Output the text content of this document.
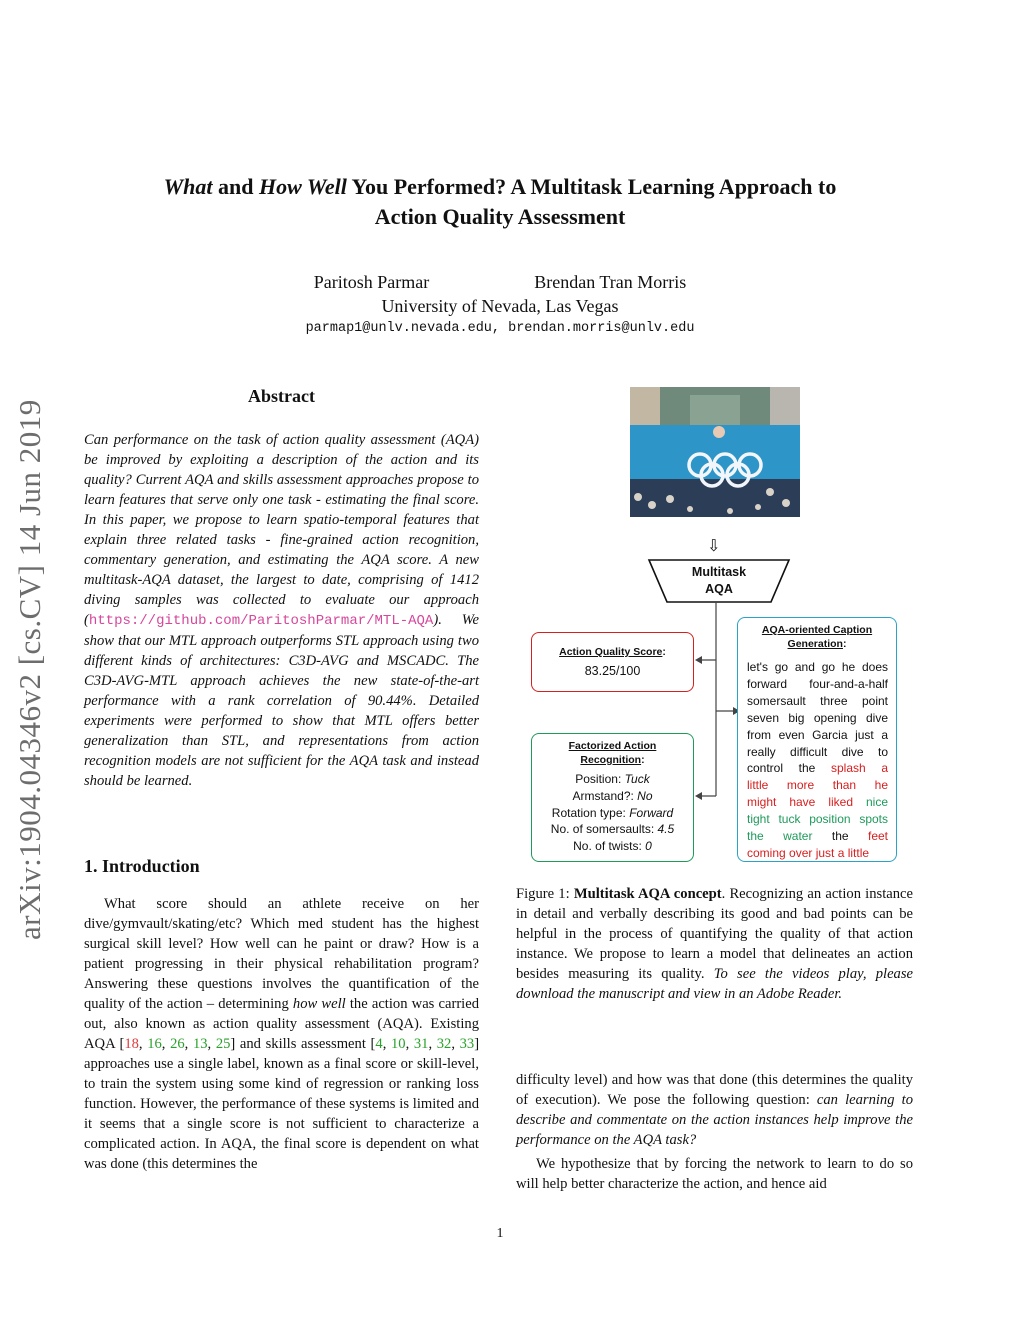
What and How Well You Performed? A Multitask Learning Approach to
Action Quality Assessment
Paritosh Parmar	Brendan Tran Morris
University of Nevada, Las Vegas
parmap1@unlv.nevada.edu, brendan.morris@unlv.edu
arXiv:1904.04346v2 [cs.CV] 14 Jun 2019
Abstract
Can performance on the task of action quality assessment (AQA) be improved by exploiting a description of the action and its quality? Current AQA and skills assessment approaches propose to learn features that serve only one task - estimating the final score. In this paper, we propose to learn spatio-temporal features that explain three related tasks - fine-grained action recognition, commentary generation, and estimating the AQA score. A new multitask-AQA dataset, the largest to date, comprising of 1412 diving samples was collected to evaluate our approach (https://github.com/ParitoshParmar/MTL-AQA). We show that our MTL approach outperforms STL approach using two different kinds of architectures: C3D-AVG and MSCADC. The C3D-AVG-MTL approach achieves the new state-of-the-art performance with a rank correlation of 90.44%. Detailed experiments were performed to show that MTL offers better generalization than STL, and representations from action recognition models are not sufficient for the AQA task and instead should be learned.
1. Introduction
What score should an athlete receive on her dive/gymvault/skating/etc? Which med student has the highest surgical skill level? How well can he paint or draw? How is a patient progressing in their physical rehabilitation program? Answering these questions involves the quantification of the quality of the action – determining how well the action was carried out, also known as action quality assessment (AQA). Existing AQA [18, 16, 26, 13, 25] and skills assessment [4, 10, 31, 32, 33] approaches use a single label, known as a final score or skill-level, to train the system using some kind of regression or ranking loss function. However, the performance of these systems is limited and it seems that a single score is not sufficient to characterize a complicated action. In AQA, the final score is dependent on what was done (this determines the
⇩
Multitask
AQA
Action Quality Score:
83.25/100
Factorized Action
Recognition:
Position: Tuck
Armstand?: No
Rotation type: Forward
No. of somersaults: 4.5
No. of twists: 0
AQA-oriented Caption
Generation:
let's go and go he does
forward four-and-a-half
somersault three point
seven big opening dive
from even Garcia just a
really difficult dive to
control the splash a
little more than he
might have liked nice
tight tuck position spots
the water the feet
coming over just a little
Figure 1: Multitask AQA concept. Recognizing an action instance in detail and verbally describing its good and bad points can be helpful in the process of quantifying the quality of that action instance. We propose to learn a model that delineates an action besides measuring its quality. To see the videos play, please download the manuscript and view in an Adobe Reader.

difficulty level) and how was that done (this determines the quality of execution). We pose the following question: can learning to describe and commentate on the action instances help improve the performance on the AQA task?

We hypothesize that by forcing the network to learn to do so will help better characterize the action, and hence aid

1
